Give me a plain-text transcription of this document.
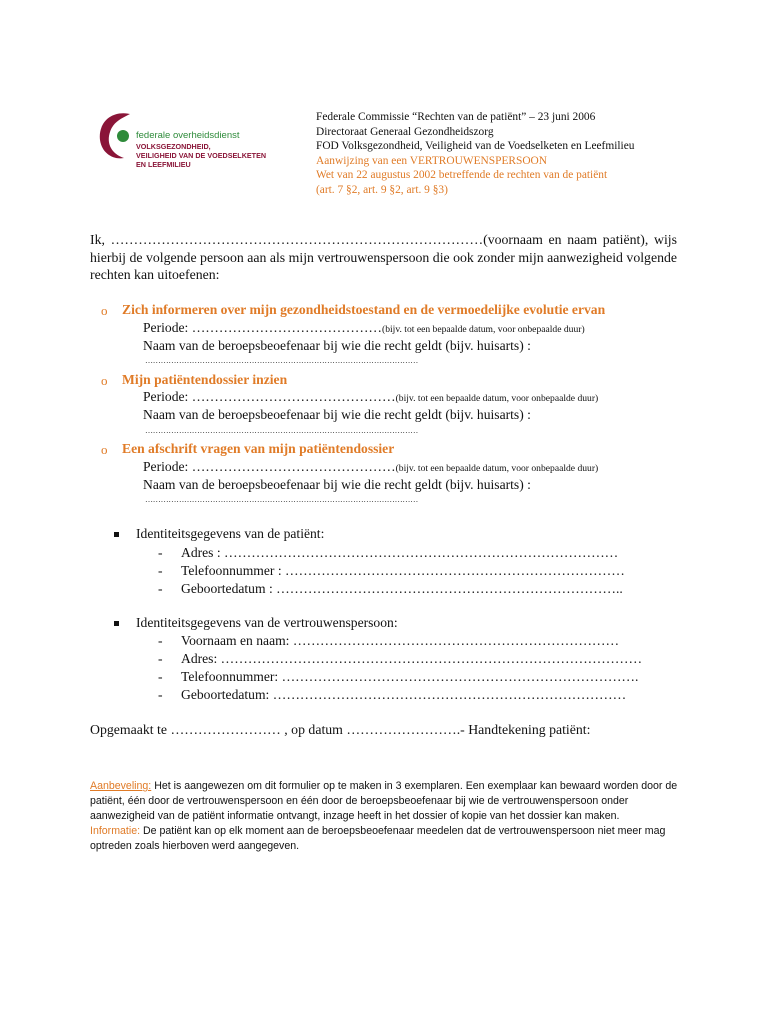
federale overheidsdienst
VOLKSGEZONDHEID,
VEILIGHEID VAN DE VOEDSELKETEN
EN LEEFMILIEU
Federale Commissie “Rechten van de patiënt” – 23 juni 2006
Directoraat Generaal Gezondheidszorg
FOD Volksgezondheid, Veiligheid van de Voedselketen en Leefmilieu
Aanwijzing van een VERTROUWENSPERSOON
Wet van 22 augustus 2002 betreffende de rechten van de patiënt
(art. 7 §2, art. 9 §2, art. 9 §3)
Ik, ………………………………………………………………………(voornaam en naam patiënt), wijs hierbij de volgende persoon aan als mijn vertrouwenspersoon die ook zonder mijn aanwezigheid volgende rechten kan uitoefenen:
o Zich informeren over mijn gezondheidstoestand en de vermoedelijke evolutie ervan
Periode: ……………………………………(bijv. tot een bepaalde datum, voor onbepaalde duur)
Naam van de beroepsbeoefenaar bij wie die recht geldt (bijv. huisarts) :
……………………………………………………………………………………………
o Mijn patiëntendossier inzien
Periode: ………………………………………(bijv. tot een bepaalde datum, voor onbepaalde duur)
Naam van de beroepsbeoefenaar bij wie die recht geldt (bijv. huisarts) :
……………………………………………………………………………………………
o Een afschrift vragen van mijn patiëntendossier
Periode: ………………………………………(bijv. tot een bepaalde datum, voor onbepaalde duur)
Naam van de beroepsbeoefenaar bij wie die recht geldt (bijv. huisarts) :
……………………………………………………………………………………………
Identiteitsgegevens van de patiënt:
- Adres : ……………………………………………………………………………
- Telefoonnummer : …………………………………………………………………
- Geboortedatum : …………………………………………………………………..
Identiteitsgegevens van de vertrouwenspersoon:
- Voornaam en naam: ………………………………………………………………
- Adres: …………………………………………………………………………………
- Telefoonnummer: …………………………………………………………………….
- Geboortedatum: ……………………………………………………………………
Opgemaakt te …………………… , op datum …………………….- Handtekening patiënt:
Aanbeveling: Het is aangewezen om dit formulier op te maken in 3 exemplaren. Een exemplaar kan bewaard worden door de patiënt, één door de vertrouwenspersoon en één door de beroepsbeoefenaar bij wie de vertrouwenspersoon onder aanwezigheid van de patiënt informatie ontvangt, inzage heeft in het dossier of kopie van het dossier kan maken.
Informatie: De patiënt kan op elk moment aan de beroepsbeoefenaar meedelen dat de vertrouwenspersoon niet meer mag optreden zoals hierboven werd aangegeven.
